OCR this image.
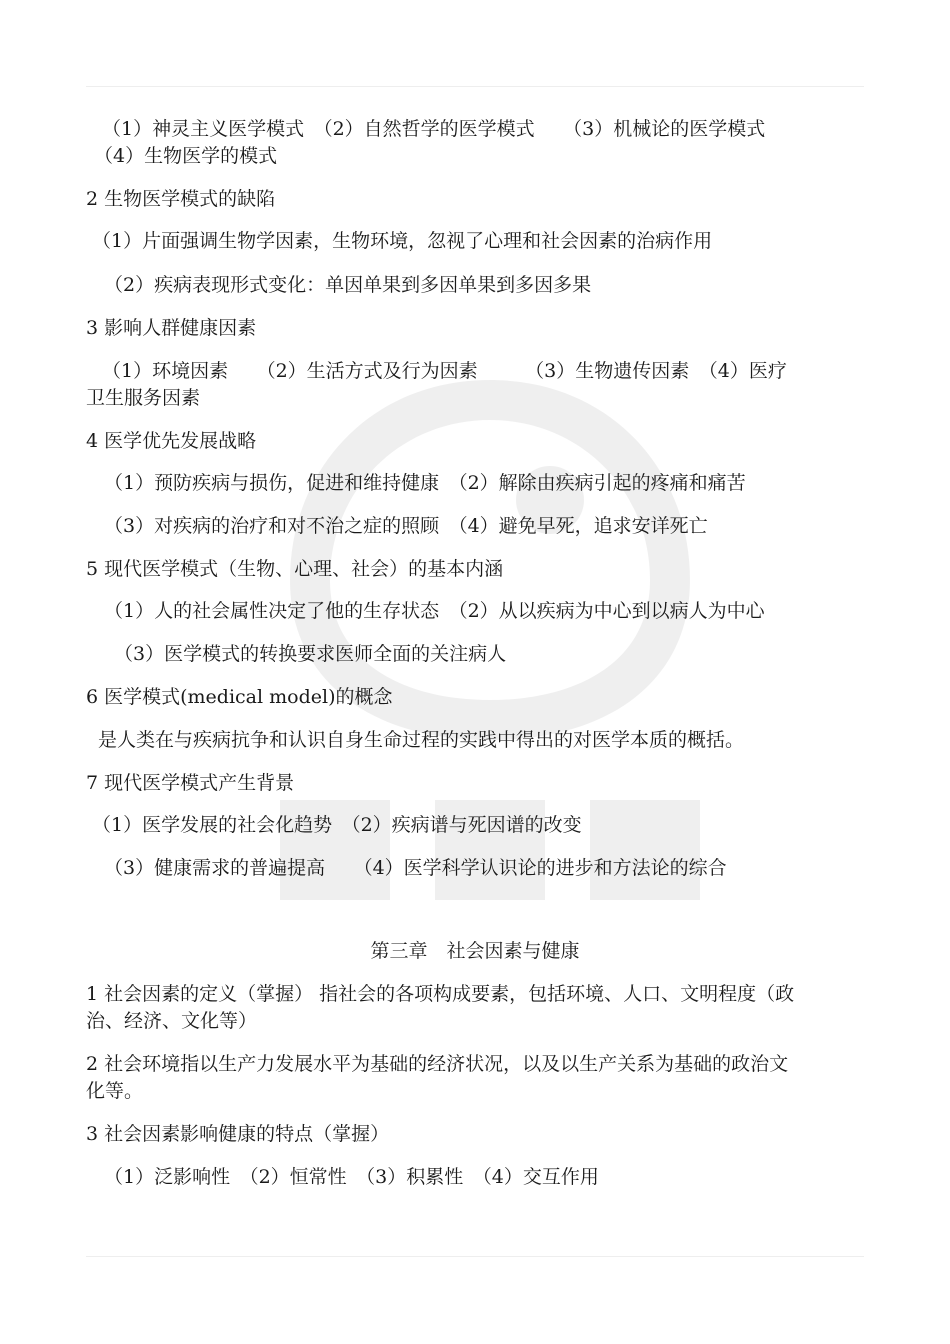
（1）神灵主义医学模式　（2）自然哲学的医学模式　　（3）机械论的医学模式
（4）生物医学的模式
2 生物医学模式的缺陷
（1）片面强调生物学因素，生物环境，忽视了心理和社会因素的治病作用
（2）疾病表现形式变化：单因单果到多因单果到多因多果
3 影响人群健康因素
（1）环境因素　　（2）生活方式及行为因素　　　（3）生物遗传因素　（4）医疗
卫生服务因素
4 医学优先发展战略
（1）预防疾病与损伤，促进和维持健康　（2）解除由疾病引起的疼痛和痛苦
（3）对疾病的治疗和对不治之症的照顾　（4）避免早死，追求安详死亡
5 现代医学模式（生物、心理、社会）的基本内涵
（1）人的社会属性决定了他的生存状态　（2）从以疾病为中心到以病人为中心
（3）医学模式的转换要求医师全面的关注病人
6 医学模式(medical model)的概念
是人类在与疾病抗争和认识自身生命过程的实践中得出的对医学本质的概括。
7 现代医学模式产生背景
（1）医学发展的社会化趋势　（2）疾病谱与死因谱的改变
（3）健康需求的普遍提高　　（4）医学科学认识论的进步和方法论的综合
第三章　社会因素与健康
1 社会因素的定义（掌握） 指社会的各项构成要素，包括环境、人口、文明程度（政
治、经济、文化等）
2 社会环境指以生产力发展水平为基础的经济状况，以及以生产关系为基础的政治文
化等。
3 社会因素影响健康的特点（掌握）
（1）泛影响性　（2）恒常性　（3）积累性　（4）交互作用
